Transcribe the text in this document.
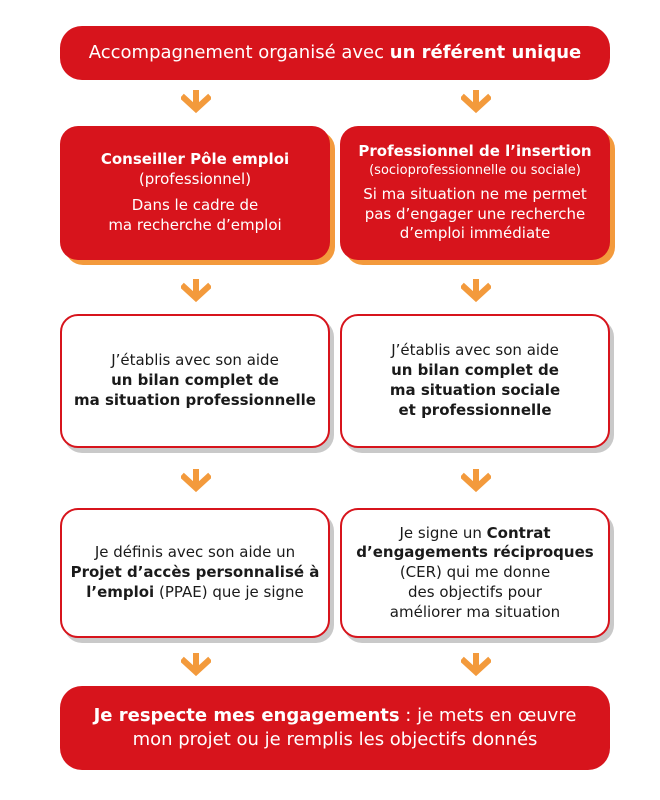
Accompagnement organisé avec un référent unique
Conseiller Pôle emploi
(professionnel)
Dans le cadre de
ma recherche d’emploi
Professionnel de l’insertion
(socioprofessionnelle ou sociale)
Si ma situation ne me permet
pas d’engager une recherche
d’emploi immédiate
J’établis avec son aide
un bilan complet de
ma situation professionnelle
J’établis avec son aide
un bilan complet de
ma situation sociale
et professionnelle
Je définis avec son aide un
Projet d’accès personnalisé à
l’emploi (PPAE) que je signe
Je signe un Contrat
d’engagements réciproques
(CER) qui me donne
des objectifs pour
améliorer ma situation
Je respecte mes engagements : je mets en œuvre
mon projet ou je remplis les objectifs donnés
